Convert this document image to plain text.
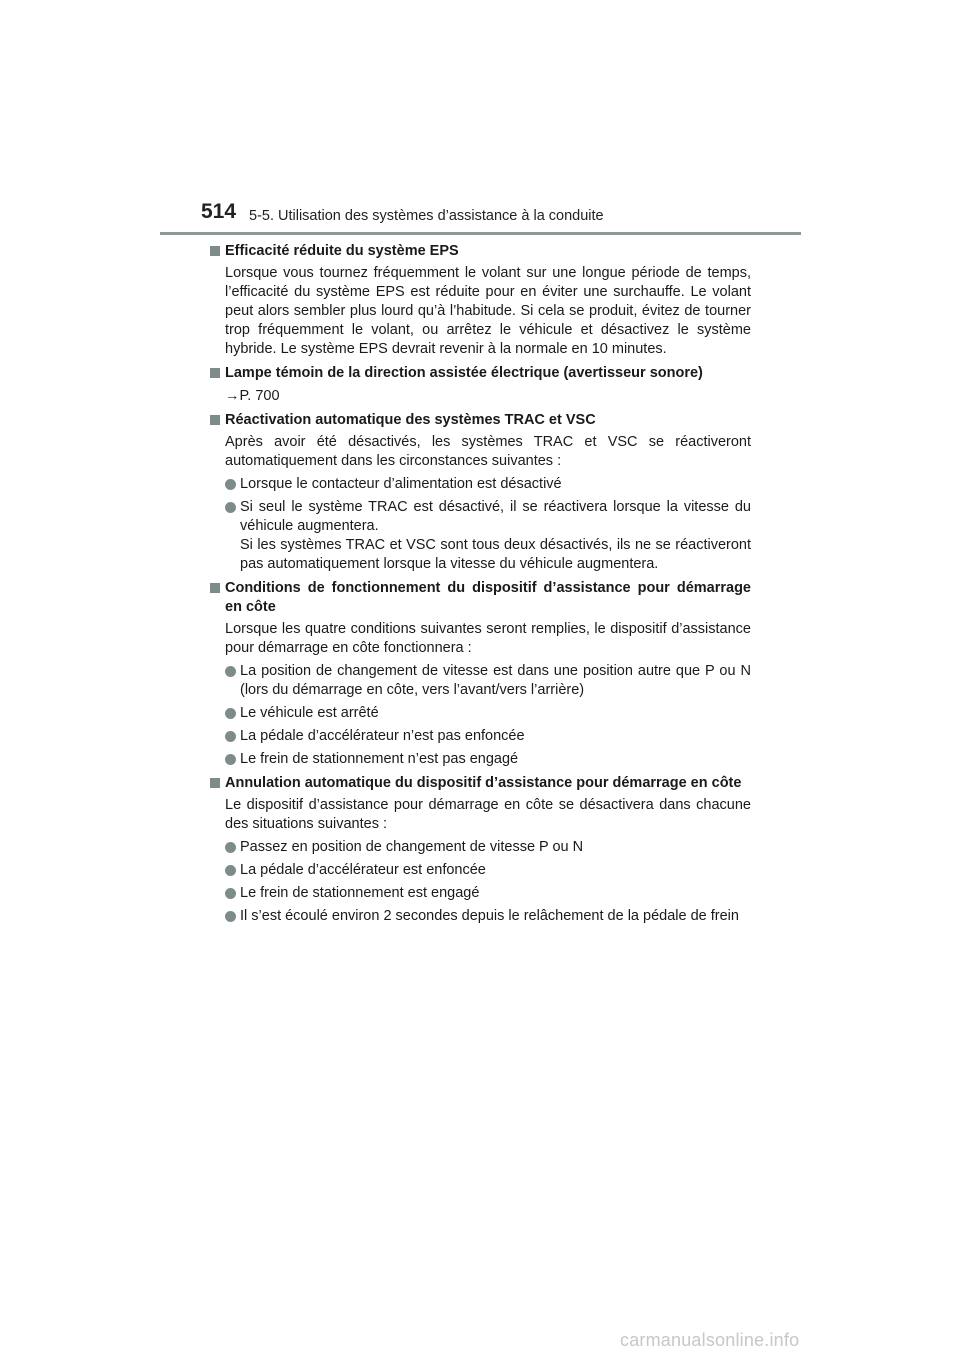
514 5-5. Utilisation des systèmes d’assistance à la conduite
Efficacité réduite du système EPS
Lorsque vous tournez fréquemment le volant sur une longue période de temps, l’efficacité du système EPS est réduite pour en éviter une surchauffe. Le volant peut alors sembler plus lourd qu’à l’habitude. Si cela se produit, évitez de tourner trop fréquemment le volant, ou arrêtez le véhicule et désactivez le système hybride. Le système EPS devrait revenir à la normale en 10 minutes.
Lampe témoin de la direction assistée électrique (avertisseur sonore)
→P. 700
Réactivation automatique des systèmes TRAC et VSC
Après avoir été désactivés, les systèmes TRAC et VSC se réactiveront automatiquement dans les circonstances suivantes :
Lorsque le contacteur d’alimentation est désactivé
Si seul le système TRAC est désactivé, il se réactivera lorsque la vitesse du véhicule augmentera.
Si les systèmes TRAC et VSC sont tous deux désactivés, ils ne se réactiveront pas automatiquement lorsque la vitesse du véhicule augmentera.
Conditions de fonctionnement du dispositif d’assistance pour démarrage en côte
Lorsque les quatre conditions suivantes seront remplies, le dispositif d’assistance pour démarrage en côte fonctionnera :
La position de changement de vitesse est dans une position autre que P ou N (lors du démarrage en côte, vers l’avant/vers l’arrière)
Le véhicule est arrêté
La pédale d’accélérateur n’est pas enfoncée
Le frein de stationnement n’est pas engagé
Annulation automatique du dispositif d’assistance pour démarrage en côte
Le dispositif d’assistance pour démarrage en côte se désactivera dans chacune des situations suivantes :
Passez en position de changement de vitesse P ou N
La pédale d’accélérateur est enfoncée
Le frein de stationnement est engagé
Il s’est écoulé environ 2 secondes depuis le relâchement de la pédale de frein
carmanualsonline.info
